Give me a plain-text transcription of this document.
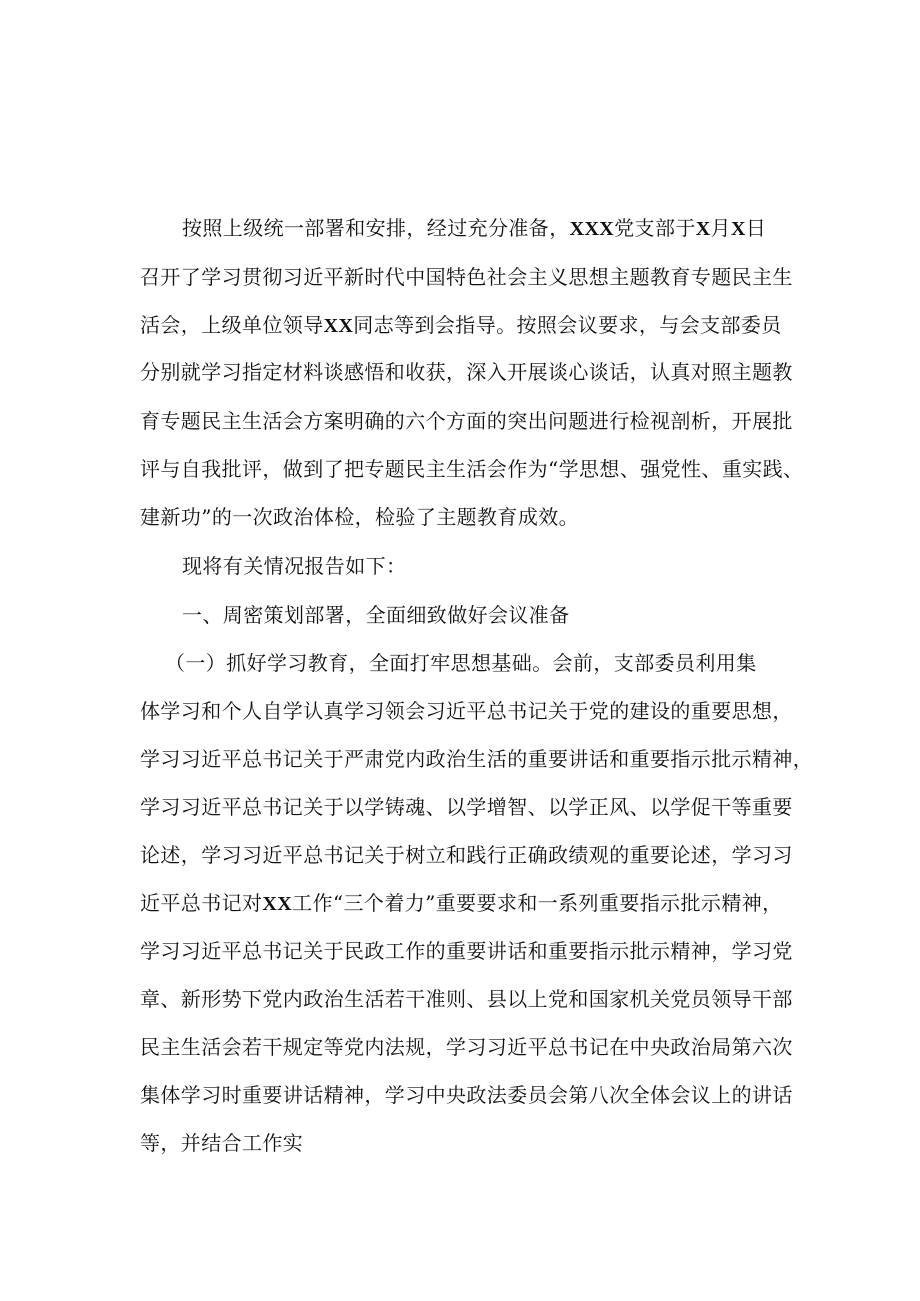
按照上级统一部署和安排，经过充分准备，XXX党支部于X月X日
召开了学习贯彻习近平新时代中国特色社会主义思想主题教育专题民主生
活会，上级单位领导XX同志等到会指导。按照会议要求，与会支部委员
分别就学习指定材料谈感悟和收获，深入开展谈心谈话，认真对照主题教
育专题民主生活会方案明确的六个方面的突出问题进行检视剖析，开展批
评与自我批评，做到了把专题民主生活会作为“学思想、强党性、重实践、
建新功”的一次政治体检，检验了主题教育成效。
现将有关情况报告如下：
一、周密策划部署，全面细致做好会议准备
（一）抓好学习教育，全面打牢思想基础。会前，支部委员利用集
体学习和个人自学认真学习领会习近平总书记关于党的建设的重要思想，
学习习近平总书记关于严肃党内政治生活的重要讲话和重要指示批示精神，
学习习近平总书记关于以学铸魂、以学增智、以学正风、以学促干等重要
论述，学习习近平总书记关于树立和践行正确政绩观的重要论述，学习习
近平总书记对XX工作“三个着力”重要要求和一系列重要指示批示精神，
学习习近平总书记关于民政工作的重要讲话和重要指示批示精神，学习党
章、新形势下党内政治生活若干准则、县以上党和国家机关党员领导干部
民主生活会若干规定等党内法规，学习习近平总书记在中央政治局第六次
集体学习时重要讲话精神，学习中央政法委员会第八次全体会议上的讲话
等，并结合工作实
